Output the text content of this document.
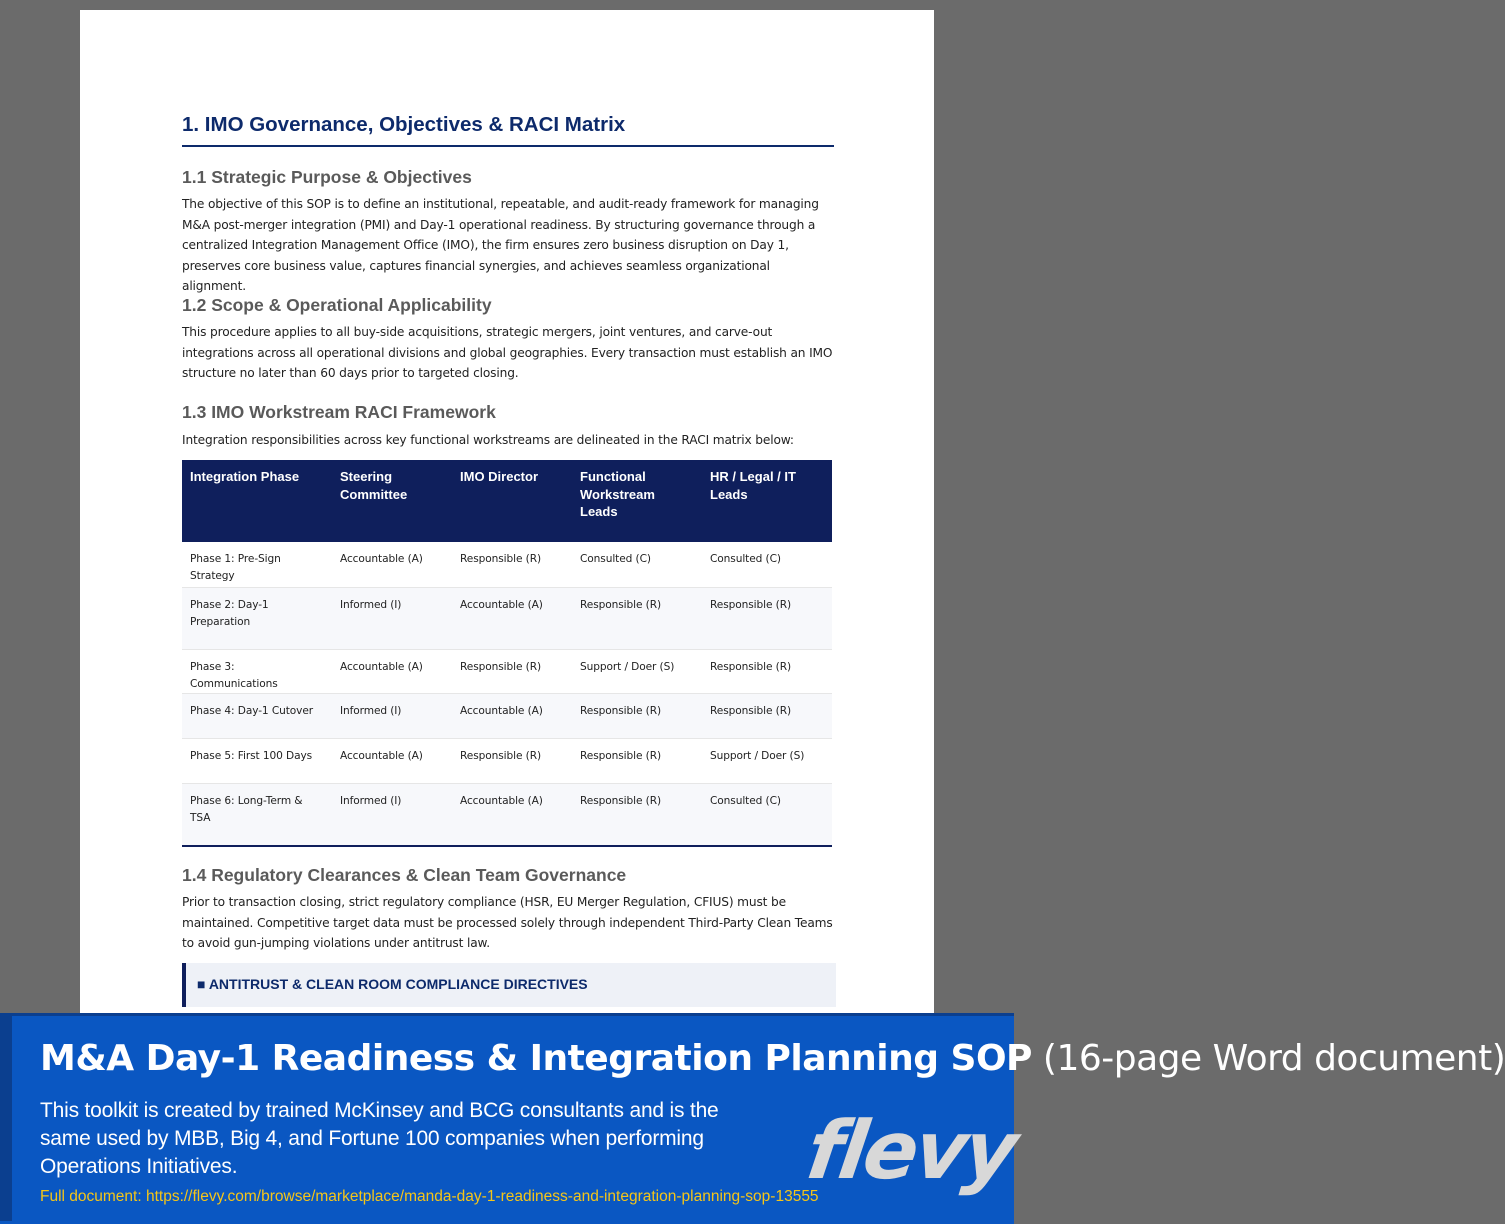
1. IMO Governance, Objectives & RACI Matrix
1.1 Strategic Purpose & Objectives
The objective of this SOP is to define an institutional, repeatable, and audit-ready framework for managing
M&A post-merger integration (PMI) and Day-1 operational readiness. By structuring governance through a
centralized Integration Management Office (IMO), the firm ensures zero business disruption on Day 1,
preserves core business value, captures financial synergies, and achieves seamless organizational alignment.
1.2 Scope & Operational Applicability
This procedure applies to all buy-side acquisitions, strategic mergers, joint ventures, and carve-out
integrations across all operational divisions and global geographies. Every transaction must establish an IMO
structure no later than 60 days prior to targeted closing.
1.3 IMO Workstream RACI Framework
Integration responsibilities across key functional workstreams are delineated in the RACI matrix below:
Integration Phase	Steering Committee	IMO Director	Functional Workstream Leads	HR / Legal / IT Leads
Phase 1: Pre-Sign Strategy	Accountable (A)	Responsible (R)	Consulted (C)	Consulted (C)
Phase 2: Day-1 Preparation	Informed (I)	Accountable (A)	Responsible (R)	Responsible (R)
Phase 3: Communications	Accountable (A)	Responsible (R)	Support / Doer (S)	Responsible (R)
Phase 4: Day-1 Cutover	Informed (I)	Accountable (A)	Responsible (R)	Responsible (R)
Phase 5: First 100 Days	Accountable (A)	Responsible (R)	Responsible (R)	Support / Doer (S)
Phase 6: Long-Term & TSA	Informed (I)	Accountable (A)	Responsible (R)	Consulted (C)
1.4 Regulatory Clearances & Clean Team Governance
Prior to transaction closing, strict regulatory compliance (HSR, EU Merger Regulation, CFIUS) must be
maintained. Competitive target data must be processed solely through independent Third-Party Clean Teams
to avoid gun-jumping violations under antitrust law.
■ ANTITRUST & CLEAN ROOM COMPLIANCE DIRECTIVES
M&A Day-1 Readiness & Integration Planning SOP (16-page Word document)
This toolkit is created by trained McKinsey and BCG consultants and is the same used by MBB, Big 4, and Fortune 100 companies when performing Operations Initiatives.
Full document: https://flevy.com/browse/marketplace/manda-day-1-readiness-and-integration-planning-sop-13555
flevy
